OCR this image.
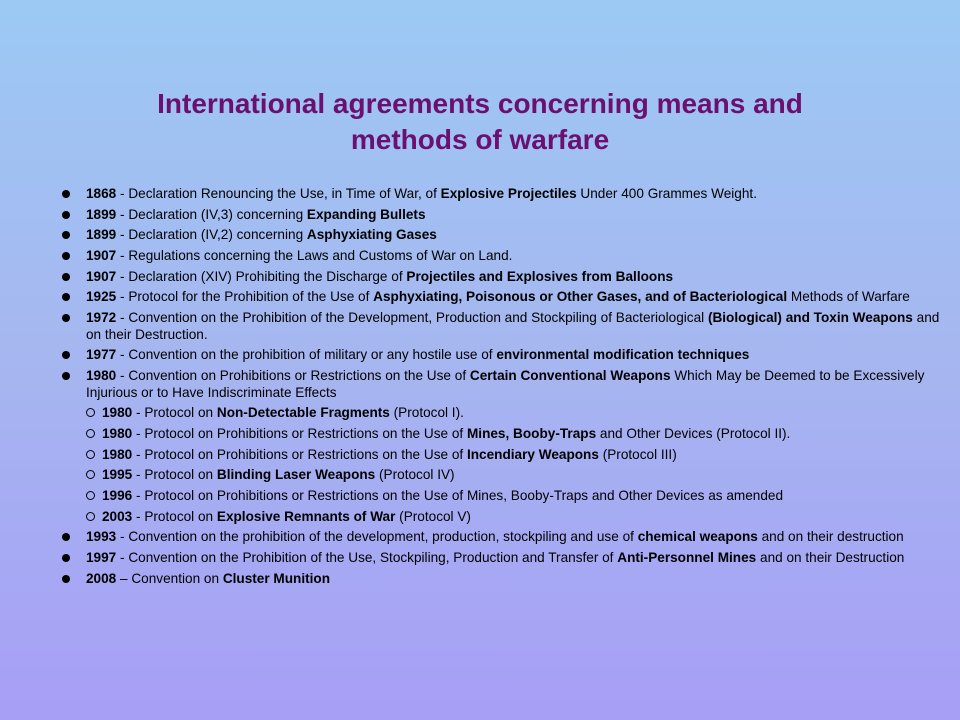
International agreements concerning means and
methods of warfare
1868 - Declaration Renouncing the Use, in Time of War, of Explosive Projectiles Under 400 Grammes Weight.
1899 - Declaration (IV,3) concerning Expanding Bullets
1899 - Declaration (IV,2) concerning Asphyxiating Gases
1907 - Regulations concerning the Laws and Customs of War on Land.
1907 - Declaration (XIV) Prohibiting the Discharge of Projectiles and Explosives from Balloons
1925 - Protocol for the Prohibition of the Use of Asphyxiating, Poisonous or Other Gases, and of Bacteriological Methods of Warfare
1972 - Convention on the Prohibition of the Development, Production and Stockpiling of Bacteriological (Biological) and Toxin Weapons and on their Destruction.
1977 - Convention on the prohibition of military or any hostile use of environmental modification techniques
1980 - Convention on Prohibitions or Restrictions on the Use of Certain Conventional Weapons Which May be Deemed to be Excessively Injurious or to Have Indiscriminate Effects
1980 - Protocol on Non-Detectable Fragments (Protocol I).
1980 - Protocol on Prohibitions or Restrictions on the Use of Mines, Booby-Traps and Other Devices (Protocol II).
1980 - Protocol on Prohibitions or Restrictions on the Use of Incendiary Weapons (Protocol III)
1995 - Protocol on Blinding Laser Weapons (Protocol IV)
1996 - Protocol on Prohibitions or Restrictions on the Use of Mines, Booby-Traps and Other Devices as amended
2003 - Protocol on Explosive Remnants of War (Protocol V)
1993 - Convention on the prohibition of the development, production, stockpiling and use of chemical weapons and on their destruction
1997 - Convention on the Prohibition of the Use, Stockpiling, Production and Transfer of Anti-Personnel Mines and on their Destruction
2008 – Convention on Cluster Munition
